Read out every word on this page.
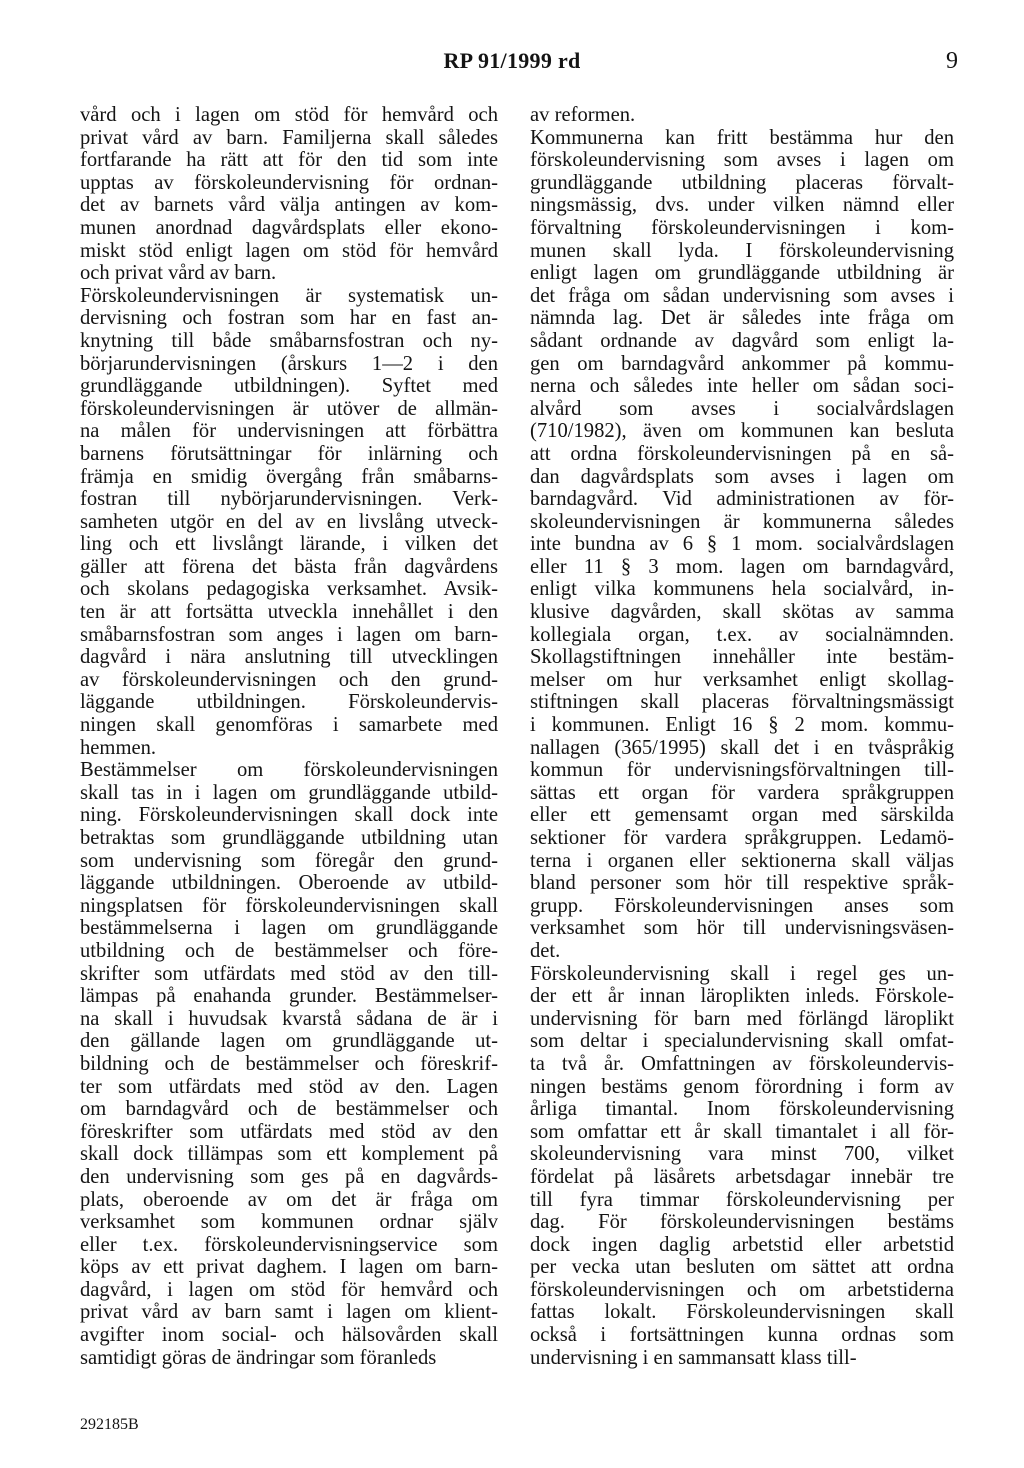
RP 91/1999 rd	9
vård och i lagen om stöd för hemvård och
privat vård av barn. Familjerna skall således
fortfarande ha rätt att för den tid som inte
upptas av förskoleundervisning för ordnan-
det av barnets vård välja antingen av kom-
munen anordnad dagvårdsplats eller ekono-
miskt stöd enligt lagen om stöd för hemvård
och privat vård av barn.
Förskoleundervisningen är systematisk un-
dervisning och fostran som har en fast an-
knytning till både småbarnsfostran och ny-
börjarundervisningen (årskurs 1—2 i den
grundläggande utbildningen). Syftet med
förskoleundervisningen är utöver de allmän-
na målen för undervisningen att förbättra
barnens förutsättningar för inlärning och
främja en smidig övergång från småbarns-
fostran till nybörjarundervisningen. Verk-
samheten utgör en del av en livslång utveck-
ling och ett livslångt lärande, i vilken det
gäller att förena det bästa från dagvårdens
och skolans pedagogiska verksamhet. Avsik-
ten är att fortsätta utveckla innehållet i den
småbarnsfostran som anges i lagen om barn-
dagvård i nära anslutning till utvecklingen
av förskoleundervisningen och den grund-
läggande utbildningen. Förskoleundervis-
ningen skall genomföras i samarbete med
hemmen.
Bestämmelser om förskoleundervisningen
skall tas in i lagen om grundläggande utbild-
ning. Förskoleundervisningen skall dock inte
betraktas som grundläggande utbildning utan
som undervisning som föregår den grund-
läggande utbildningen. Oberoende av utbild-
ningsplatsen för förskoleundervisningen skall
bestämmelserna i lagen om grundläggande
utbildning och de bestämmelser och före-
skrifter som utfärdats med stöd av den till-
lämpas på enahanda grunder. Bestämmelser-
na skall i huvudsak kvarstå sådana de är i
den gällande lagen om grundläggande ut-
bildning och de bestämmelser och föreskrif-
ter som utfärdats med stöd av den. Lagen
om barndagvård och de bestämmelser och
föreskrifter som utfärdats med stöd av den
skall dock tillämpas som ett komplement på
den undervisning som ges på en dagvårds-
plats, oberoende av om det är fråga om
verksamhet som kommunen ordnar själv
eller t.ex. förskoleundervisningservice som
köps av ett privat daghem. I lagen om barn-
dagvård, i lagen om stöd för hemvård och
privat vård av barn samt i lagen om klient-
avgifter inom social- och hälsovården skall
samtidigt göras de ändringar som föranleds
av reformen.
Kommunerna kan fritt bestämma hur den
förskoleundervisning som avses i lagen om
grundläggande utbildning placeras förvalt-
ningsmässig, dvs. under vilken nämnd eller
förvaltning förskoleundervisningen i kom-
munen skall lyda. I förskoleundervisning
enligt lagen om grundläggande utbildning är
det fråga om sådan undervisning som avses i
nämnda lag. Det är således inte fråga om
sådant ordnande av dagvård som enligt la-
gen om barndagvård ankommer på kommu-
nerna och således inte heller om sådan soci-
alvård som avses i socialvårdslagen
(710/1982), även om kommunen kan besluta
att ordna förskoleundervisningen på en så-
dan dagvårdsplats som avses i lagen om
barndagvård. Vid administrationen av för-
skoleundervisningen är kommunerna således
inte bundna av 6 § 1 mom. socialvårdslagen
eller 11 § 3 mom. lagen om barndagvård,
enligt vilka kommunens hela socialvård, in-
klusive dagvården, skall skötas av samma
kollegiala organ, t.ex. av socialnämnden.
Skollagstiftningen innehåller inte bestäm-
melser om hur verksamhet enligt skollag-
stiftningen skall placeras förvaltningsmässigt
i kommunen. Enligt 16 § 2 mom. kommu-
nallagen (365/1995) skall det i en tvåspråkig
kommun för undervisningsförvaltningen till-
sättas ett organ för vardera språkgruppen
eller ett gemensamt organ med särskilda
sektioner för vardera språkgruppen. Ledamö-
terna i organen eller sektionerna skall väljas
bland personer som hör till respektive språk-
grupp. Förskoleundervisningen anses som
verksamhet som hör till undervisningsväsen-
det.
Förskoleundervisning skall i regel ges un-
der ett år innan läroplikten inleds. Förskole-
undervisning för barn med förlängd läroplikt
som deltar i specialundervisning skall omfat-
ta två år. Omfattningen av förskoleundervis-
ningen bestäms genom förordning i form av
årliga timantal. Inom förskoleundervisning
som omfattar ett år skall timantalet i all för-
skoleundervisning vara minst 700, vilket
fördelat på läsårets arbetsdagar innebär tre
till fyra timmar förskoleundervisning per
dag. För förskoleundervisningen bestäms
dock ingen daglig arbetstid eller arbetstid
per vecka utan besluten om sättet att ordna
förskoleundervisningen och om arbetstiderna
fattas lokalt. Förskoleundervisningen skall
också i fortsättningen kunna ordnas som
undervisning i en sammansatt klass till-
292185B
